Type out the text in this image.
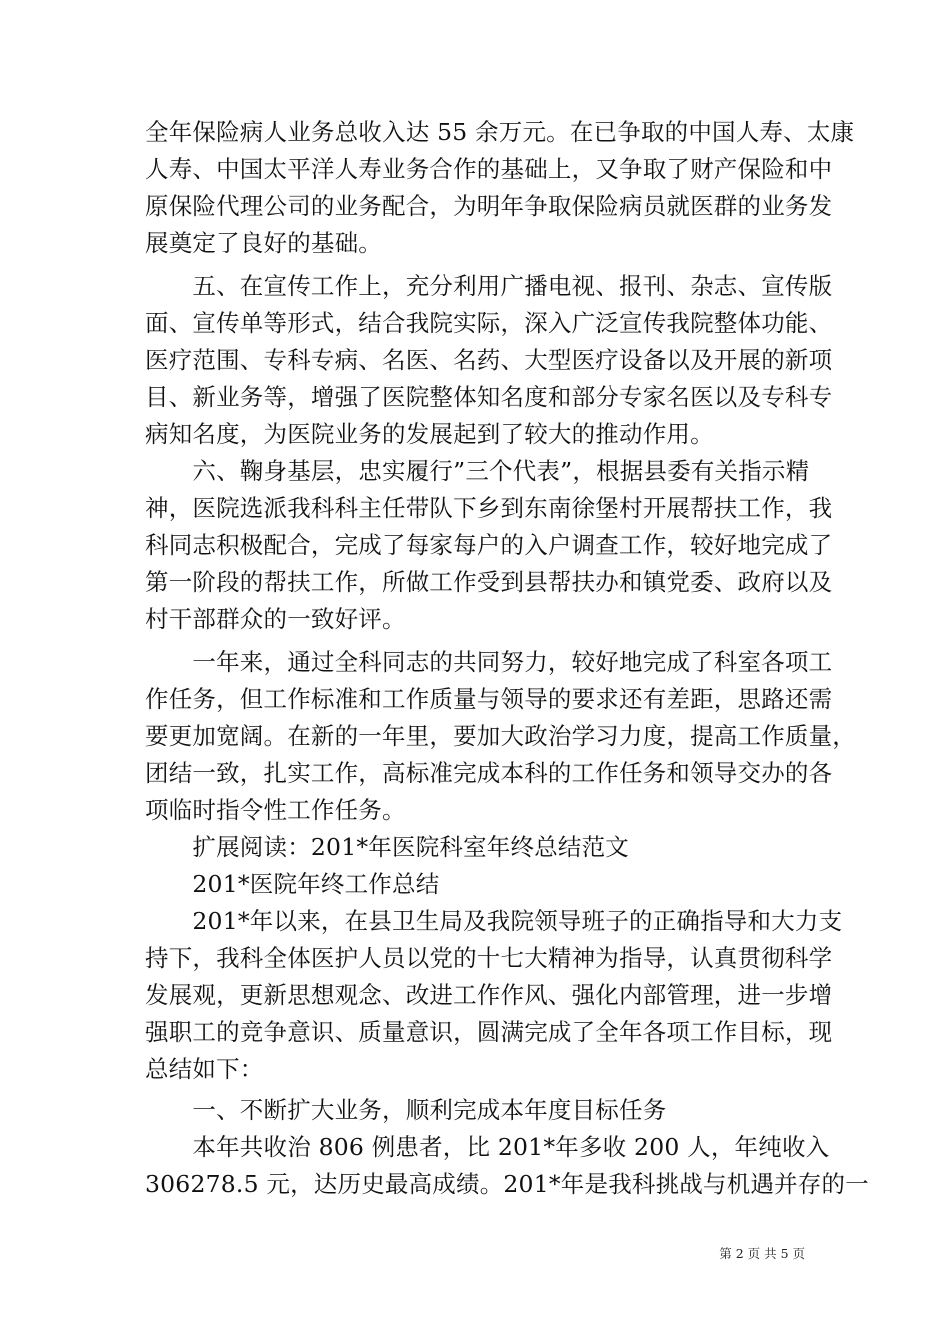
全年保险病人业务总收入达 55 余万元。在已争取的中国人寿、太康
人寿、中国太平洋人寿业务合作的基础上，又争取了财产保险和中
原保险代理公司的业务配合，为明年争取保险病员就医群的业务发
展奠定了良好的基础。
　　五、在宣传工作上，充分利用广播电视、报刊、杂志、宣传版
面、宣传单等形式，结合我院实际，深入广泛宣传我院整体功能、
医疗范围、专科专病、名医、名药、大型医疗设备以及开展的新项
目、新业务等，增强了医院整体知名度和部分专家名医以及专科专
病知名度，为医院业务的发展起到了较大的推动作用。
　　六、鞠身基层，忠实履行”三个代表”，根据县委有关指示精
神，医院选派我科科主任带队下乡到东南徐堡村开展帮扶工作，我
科同志积极配合，完成了每家每户的入户调查工作，较好地完成了
第一阶段的帮扶工作，所做工作受到县帮扶办和镇党委、政府以及
村干部群众的一致好评。
　　一年来，通过全科同志的共同努力，较好地完成了科室各项工
作任务，但工作标准和工作质量与领导的要求还有差距，思路还需
要更加宽阔。在新的一年里，要加大政治学习力度，提高工作质量，
团结一致，扎实工作，高标准完成本科的工作任务和领导交办的各
项临时指令性工作任务。
　　扩展阅读：201*年医院科室年终总结范文
　　201*医院年终工作总结
　　201*年以来，在县卫生局及我院领导班子的正确指导和大力支
持下，我科全体医护人员以党的十七大精神为指导，认真贯彻科学
发展观，更新思想观念、改进工作作风、强化内部管理，进一步增
强职工的竞争意识、质量意识，圆满完成了全年各项工作目标，现
总结如下：
　　一、不断扩大业务，顺利完成本年度目标任务
　　本年共收治 806 例患者，比 201*年多收 200 人，年纯收入
306278.5 元，达历史最高成绩。201*年是我科挑战与机遇并存的一
第 2 页 共 5 页
